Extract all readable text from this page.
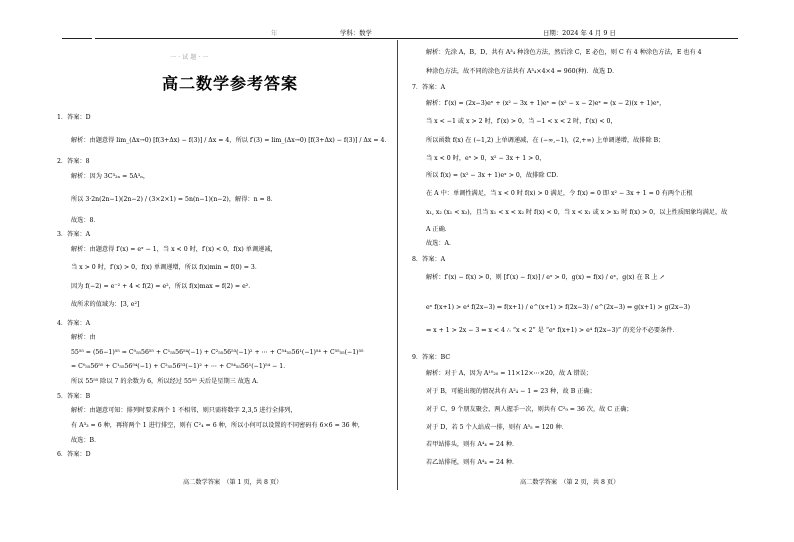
　　　　　　　　　　　　　　　年	学科：数学	日期：2024 年 4 月 9 日
一 · 试 题 · 一
高二数学参考答案
1．答案：D
解析：由题意得 lim_(Δx→0) [f(3+Δx) − f(3)] / Δx = 4，所以 f′(3) = lim_(Δx→0) [f(3+Δx) − f(3)] / Δx = 4．
2．答案：8
解析：因为 3C³₂ₙ = 5A³ₙ，
所以 3·2n(2n−1)(2n−2) / (3×2×1) = 5n(n−1)(n−2)，解得：n = 8．
故选：8．
3．答案：A
解析：由题意得 f′(x) = eˣ − 1，当 x < 0 时，f′(x) < 0，f(x) 单调递减，
当 x > 0 时，f′(x) > 0，f(x) 单调递增，所以 f(x)min = f(0) = 3．
因为 f(−2) = e⁻² + 4 < f(2) = e²，所以 f(x)max = f(2) = e²．
故所求的值域为：[3, e²]
4．答案：A
解析：由
55⁵⁵ = (56−1)⁵⁵ = C⁰₅₅56⁵⁵ + C¹₅₅56⁵⁴(−1) + C²₅₅56⁵³(−1)² + ⋯ + C⁵⁴₅₅56¹(−1)⁵⁴ + C⁵⁵₅₅(−1)⁵⁵
= C⁰₅₅56⁵⁵ + C¹₅₅56⁵⁴(−1) + C²₅₅56⁵³(−1)² + ⋯ + C⁵⁴₅₅56¹(−1)⁵⁴ − 1．
所以 55⁵⁵ 除以 7 的余数为 6，所以经过 55⁵⁵ 天后是星期三 故选 A．
5．答案：B
解析：由题意可知：排列时要求两个 1 不相邻，则只需将数字 2,3,5 进行全排列，
有 A³₃ = 6 种，再将两个 1 进行排空，则有 C²₄ = 6 种，所以小何可以设置的不同密码有 6×6 = 36 种，
故选：B．
6．答案：D
高二数学答案　（第 1 页，共 8 页）
解析：先涂 A，B，D，共有 A³₄ 种涂色方法，然后涂 C，E 必色，则 C 有 4 种涂色方法，E 也有 4
种涂色方法，故不同的涂色方法共有 A³₄×4×4 = 960(种)．故选 D．
7．答案：A
解析：f′(x) = (2x−3)eˣ + (x² − 3x + 1)eˣ = (x² − x − 2)eˣ = (x − 2)(x + 1)eˣ，
当 x < −1 或 x > 2 时，f′(x) > 0，当 −1 < x < 2 时，f′(x) < 0，
所以函数 f(x) 在 (−1,2) 上单调递减，在 (−∞,−1)，(2,+∞) 上单调递增，故排除 B；
当 x < 0 时，eˣ > 0，x² − 3x + 1 > 0，
所以 f(x) = (x² − 3x + 1)eˣ > 0，故排除 CD．
在 A 中：单调性满足，当 x < 0 时 f(x) > 0 满足，令 f(x) = 0 即 x² − 3x + 1 = 0 有两个正根
x₁, x₂ (x₁ < x₂)，且当 x₁ < x < x₂ 时 f(x) < 0，当 x < x₁ 或 x > x₂ 时 f(x) > 0，以上性质图象均满足，故
A 正确．
故选：A．
8．答案：A
解析：f′(x) − f(x) > 0，则 [f′(x) − f(x)] / eˣ > 0，g(x) = f(x) / eˣ，g(x) 在 R 上 ↗
eˣ f(x+1) > e⁴ f(2x−3) ⇔ f(x+1) / e^(x+1) > f(2x−3) / e^(2x−3) ⇔ g(x+1) > g(2x−3)
⇔ x + 1 > 2x − 3 ⇔ x < 4 ∴ “x < 2” 是 “eˣ f(x+1) > e⁴ f(2x−3)” 的充分不必要条件．
9．答案：BC
解析：对于 A，因为 A¹⁰₂₀ = 11×12×⋯×20，故 A 错误；
对于 B，可能出现的情况共有 A²₄ − 1 = 23 种，故 B 正确；
对于 C，9 个朋友聚会，两人握手一次，则共有 C²₉ = 36 次，故 C 正确；
对于 D，若 5 个人站成一排，则有 A⁵₅ = 120 种．
若甲站排头，则有 A⁴₄ = 24 种．
若乙站排尾，则有 A⁴₄ = 24 种．
高二数学答案　（第 2 页，共 8 页）
